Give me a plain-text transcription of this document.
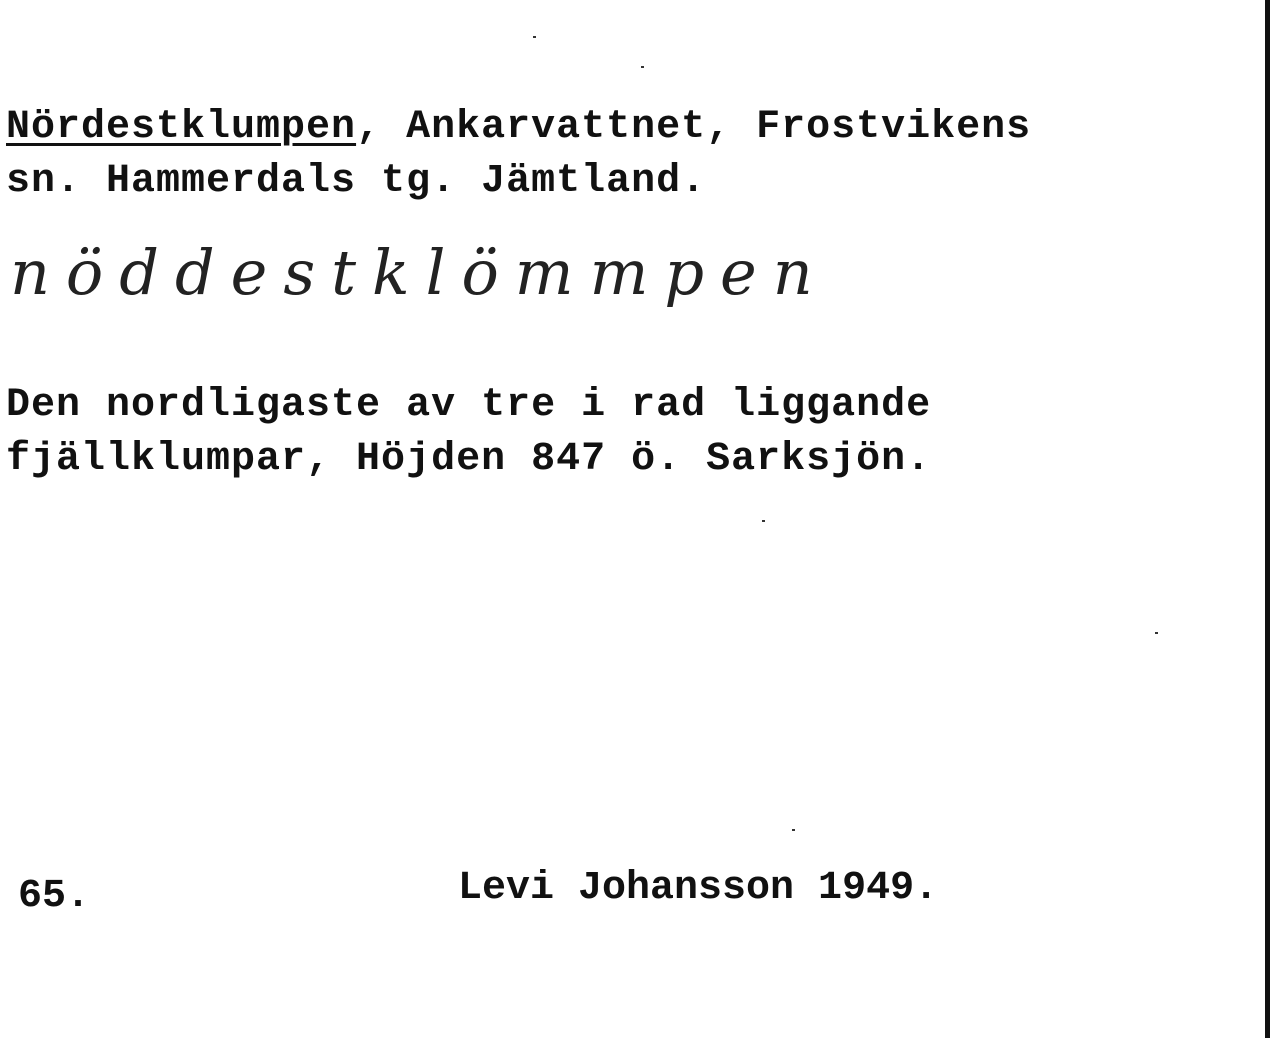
Nördestklumpen, Ankarvattnet, Frostvikens
sn. Hammerdals tg. Jämtland.
nöddestklömmpen
Den nordligaste av tre i rad liggande
fjällklumpar, Höjden 847 ö. Sarksjön.
65.	Levi Johansson 1949.
